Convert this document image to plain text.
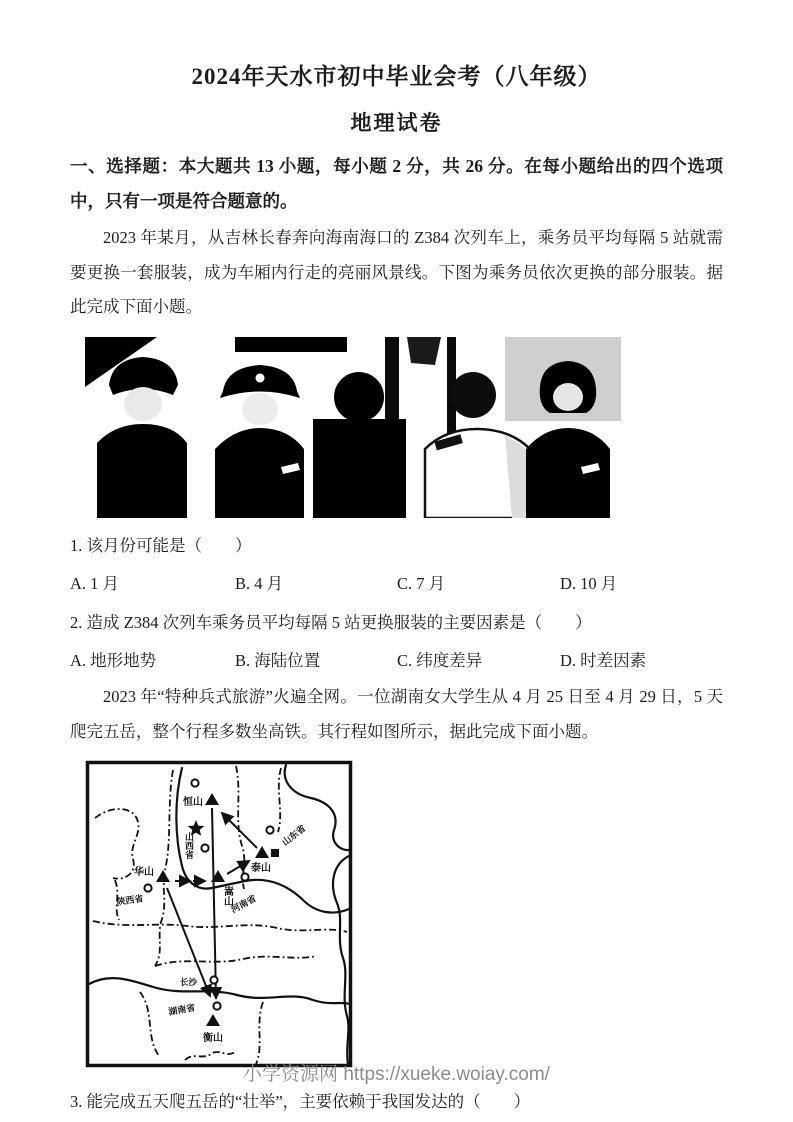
2024年天水市初中毕业会考（八年级）
地理试卷

一、选择题：本大题共 13 小题，每小题 2 分，共 26 分。在每小题给出的四个选项中，只有一项是符合题意的。

2023 年某月，从吉林长春奔向海南海口的 Z384 次列车上，乘务员平均每隔 5 站就需要更换一套服装，成为车厢内行走的亮丽风景线。下图为乘务员依次更换的部分服装。据此完成下面小题。

1. 该月份可能是（　　）

A. 1 月	B. 4 月	C. 7 月	D. 10 月

2. 造成 Z384 次列车乘务员平均每隔 5 站更换服装的主要因素是（　　）

A. 地形地势	B. 海陆位置	C. 纬度差异	D. 时差因素

2023 年“特种兵式旅游”火遍全网。一位湖南女大学生从 4 月 25 日至 4 月 29 日，5 天爬完五岳，整个行程多数坐高铁。其行程如图所示，据此完成下面小题。

恒山
山西省
泰山
山东省
华山
陕西省	嵩山
河南省
长沙
湖南省
衡山

3. 能完成五天爬五岳的“壮举”，主要依赖于我国发达的（　　）

小学资源网 https://xueke.woiay.com/
